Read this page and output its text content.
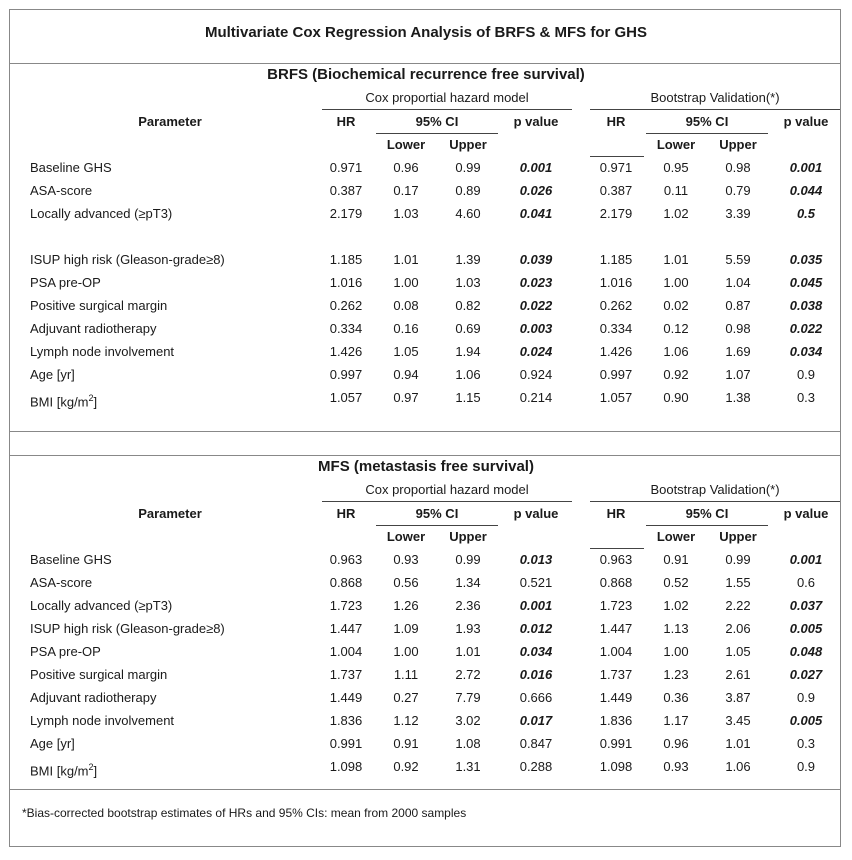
Multivariate Cox Regression Analysis of BRFS & MFS for GHS
BRFS (Biochemical recurrence free survival)
Cox proportial hazard model	Bootstrap Validation(*)
Parameter	HR	95% CI	p value	HR	95% CI	p value
Lower	Upper	Lower	Upper
Baseline GHS	0.971	0.96	0.99	0.001	0.971	0.95	0.98	0.001
ASA-score	0.387	0.17	0.89	0.026	0.387	0.11	0.79	0.044
Locally advanced (≥pT3)	2.179	1.03	4.60	0.041	2.179	1.02	3.39	0.5
ISUP high risk (Gleason-grade≥8)	1.185	1.01	1.39	0.039	1.185	1.01	5.59	0.035
PSA pre-OP	1.016	1.00	1.03	0.023	1.016	1.00	1.04	0.045
Positive surgical margin	0.262	0.08	0.82	0.022	0.262	0.02	0.87	0.038
Adjuvant radiotherapy	0.334	0.16	0.69	0.003	0.334	0.12	0.98	0.022
Lymph node involvement	1.426	1.05	1.94	0.024	1.426	1.06	1.69	0.034
Age [yr]	0.997	0.94	1.06	0.924	0.997	0.92	1.07	0.9
BMI $[kg/m^2]$	1.057	0.97	1.15	0.214	1.057	0.90	1.38	0.3
MFS (metastasis free survival)
Cox proportial hazard model	Bootstrap Validation(*)
Parameter	HR	95% CI	p value	HR	95% CI	p value
Lower	Upper	Lower	Upper
Baseline GHS	0.963	0.93	0.99	0.013	0.963	0.91	0.99	0.001
ASA-score	0.868	0.56	1.34	0.521	0.868	0.52	1.55	0.6
Locally advanced (≥pT3)	1.723	1.26	2.36	0.001	1.723	1.02	2.22	0.037
ISUP high risk (Gleason-grade≥8)	1.447	1.09	1.93	0.012	1.447	1.13	2.06	0.005
PSA pre-OP	1.004	1.00	1.01	0.034	1.004	1.00	1.05	0.048
Positive surgical margin	1.737	1.11	2.72	0.016	1.737	1.23	2.61	0.027
Adjuvant radiotherapy	1.449	0.27	7.79	0.666	1.449	0.36	3.87	0.9
Lymph node involvement	1.836	1.12	3.02	0.017	1.836	1.17	3.45	0.005
Age [yr]	0.991	0.91	1.08	0.847	0.991	0.96	1.01	0.3
BMI $[kg/m^2]$	1.098	0.92	1.31	0.288	1.098	0.93	1.06	0.9
*Bias-corrected bootstrap estimates of HRs and 95% CIs: mean from 2000 samples
